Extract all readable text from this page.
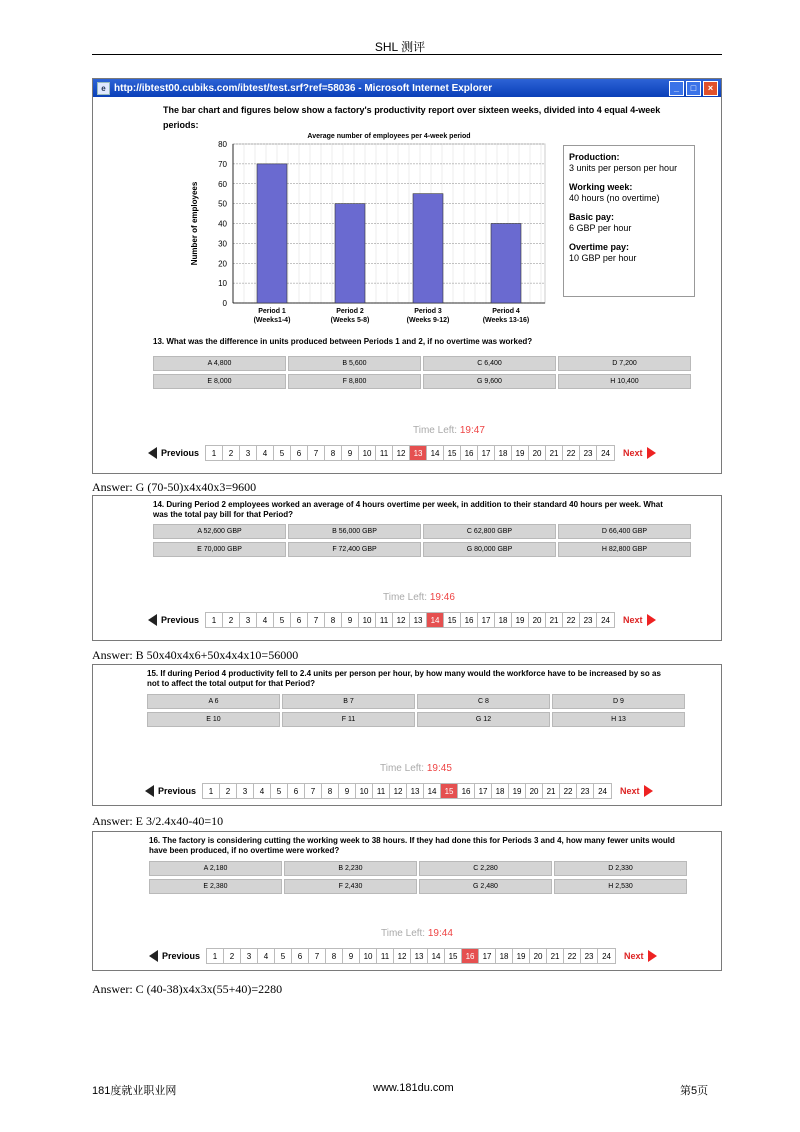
SHL 测评
e http://ibtest00.cubiks.com/ibtest/test.srf?ref=58036 - Microsoft Internet Explorer	_	□	×
The bar chart and figures below show a factory's productivity report over sixteen weeks, divided into 4 equal 4-week periods:
Average number of employees per 4-week period
0
10
20
30
40
50
60
70
80
Number of employees
Period 1
(Weeks1-4)
Period 2
(Weeks 5-8)
Period 3
(Weeks 9-12)
Period 4
(Weeks 13-16)
Production:
3 units per person per hour
Working week:
40 hours (no overtime)
Basic pay:
6 GBP per hour
Overtime pay:
10 GBP per hour
13. What was the difference in units produced between Periods 1 and 2, if no overtime was worked?
A 4,800	B 5,600	C 6,400	D 7,200
E 8,000	F 8,800	G 9,600	H 10,400
Time Left: 19:47
Previous	1	2	3	4	5	6	7	8	9	10	11	12	13	14	15	16	17	18	19	20	21	22	23	24	Next
Answer: G (70-50)x4x40x3=9600
14. During Period 2 employees worked an average of 4 hours overtime per week, in addition to their standard 40 hours per week. What was the total pay bill for that Period?
A 52,600 GBP	B 56,000 GBP	C 62,800 GBP	D 66,400 GBP
E 70,000 GBP	F 72,400 GBP	G 80,000 GBP	H 82,800 GBP
Time Left: 19:46
Previous	1	2	3	4	5	6	7	8	9	10	11	12	13	14	15	16	17	18	19	20	21	22	23	24	Next
Answer: B 50x40x4x6+50x4x4x10=56000
15. If during Period 4 productivity fell to 2.4 units per person per hour, by how many would the workforce have to be increased by so as not to affect the total output for that Period?
A 6	B 7	C 8	D 9
E 10	F 11	G 12	H 13
Time Left: 19:45
Previous	1	2	3	4	5	6	7	8	9	10	11	12	13	14	15	16	17	18	19	20	21	22	23	24	Next
Answer: E 3/2.4x40-40=10
16. The factory is considering cutting the working week to 38 hours. If they had done this for Periods 3 and 4, how many fewer units would have been produced, if no overtime were worked?
A 2,180	B 2,230	C 2,280	D 2,330
E 2,380	F 2,430	G 2,480	H 2,530
Time Left: 19:44
Previous	1	2	3	4	5	6	7	8	9	10	11	12	13	14	15	16	17	18	19	20	21	22	23	24	Next
Answer: C (40-38)x4x3x(55+40)=2280
181度就业职业网	www.181du.com	第5页
